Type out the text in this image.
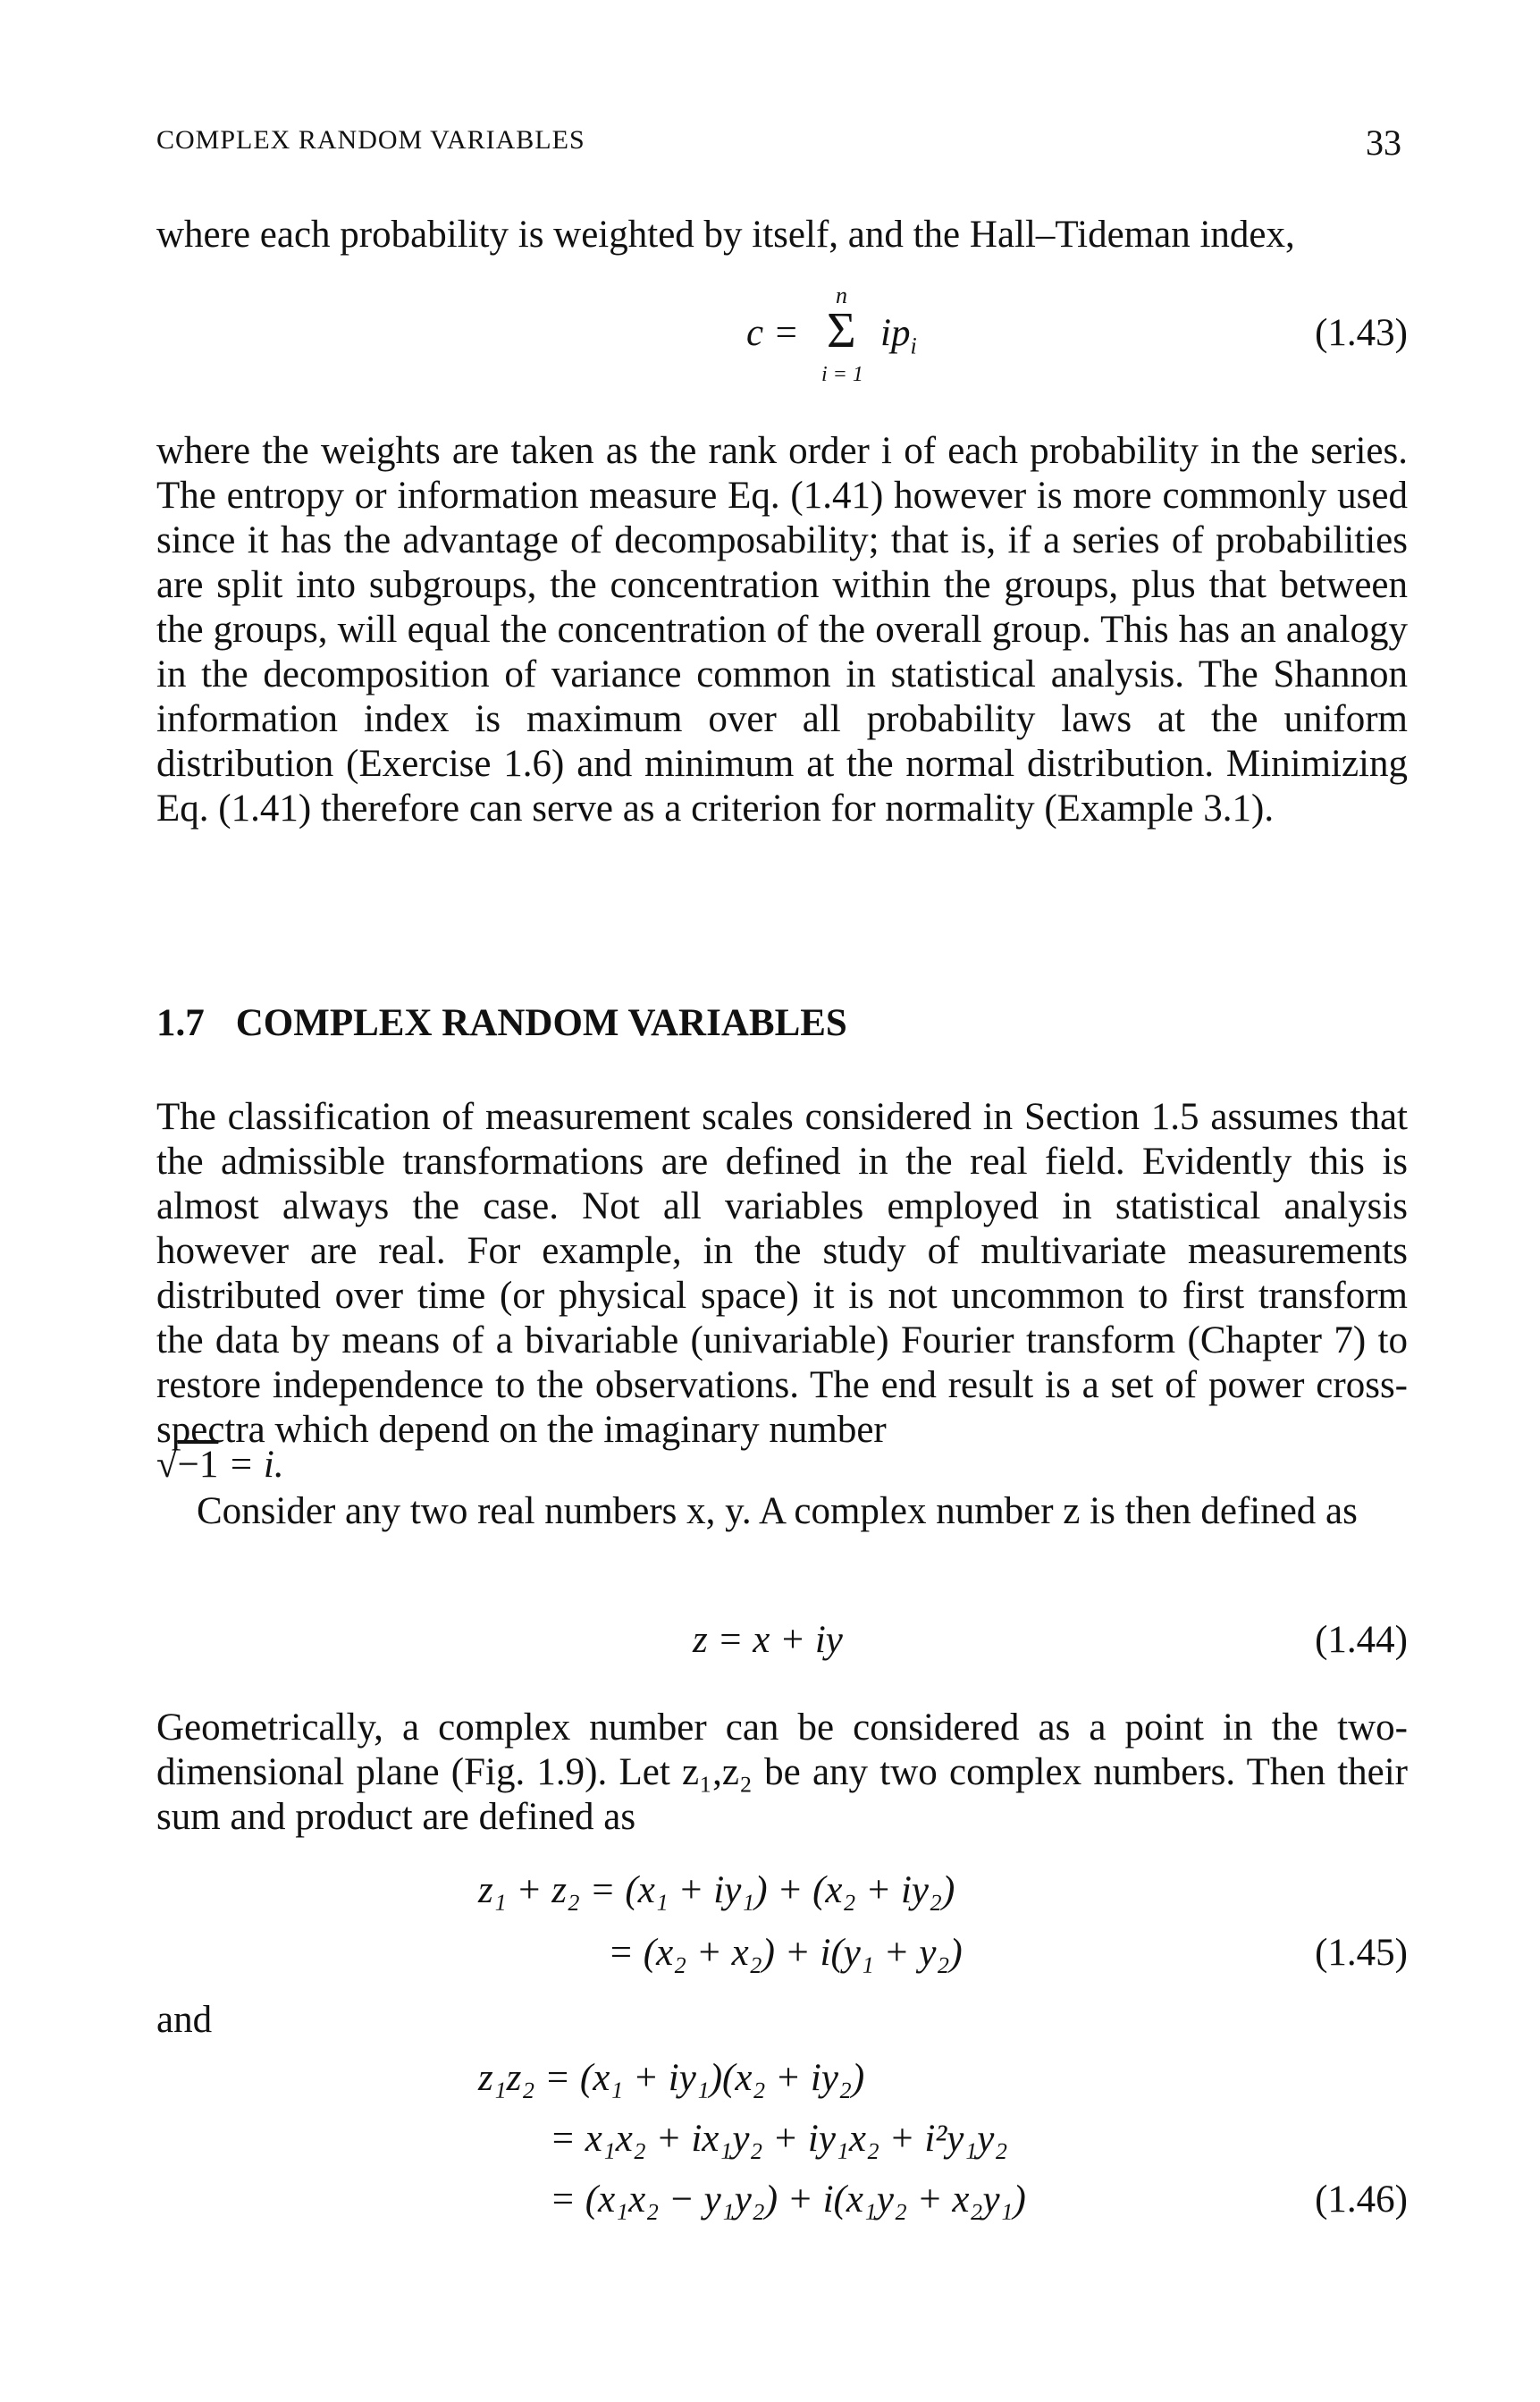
COMPLEX RANDOM VARIABLES	33

where each probability is weighted by itself, and the Hall–Tideman index,

c =
n
Σ
i = 1
$ip_i$	(1.43)

where the weights are taken as the rank order i of each probability in the series. The entropy or information measure Eq. (1.41) however is more commonly used since it has the advantage of decomposability; that is, if a series of probabilities are split into subgroups, the concentration within the groups, plus that between the groups, will equal the concentration of the overall group. This has an analogy in the decomposition of variance common in statistical analysis. The Shannon information index is maximum over all probability laws at the uniform distribution (Exercise 1.6) and minimum at the normal distribution. Minimizing Eq. (1.41) therefore can serve as a criterion for normality (Example 3.1).

1.7 COMPLEX RANDOM VARIABLES

The classification of measurement scales considered in Section 1.5 assumes that the admissible transformations are defined in the real field. Evidently this is almost always the case. Not all variables employed in statistical analysis however are real. For example, in the study of multivariate measurements distributed over time (or physical space) it is not uncommon to first transform the data by means of a bivariable (univariable) Fourier transform (Chapter 7) to restore independence to the observations. The end result is a set of power cross-spectra which depend on the imaginary number

√−1 = i.

Consider any two real numbers x, y. A complex number z is then defined as

z = x + iy	(1.44)

Geometrically, a complex number can be considered as a point in the two-dimensional plane (Fig. 1.9). Let z₁,z₂ be any two complex numbers. Then their sum and product are defined as

z₁ + z₂ = (x₁ + iy₁) + (x₂ + iy₂)
= (x₂ + x₂) + i(y₁ + y₂)	(1.45)
and
z₁z₂ = (x₁ + iy₁)(x₂ + iy₂)
= x₁x₂ + ix₁y₂ + iy₁x₂ + i²y₁y₂
= (x₁x₂ − y₁y₂) + i(x₁y₂ + x₂y₁)	(1.46)
